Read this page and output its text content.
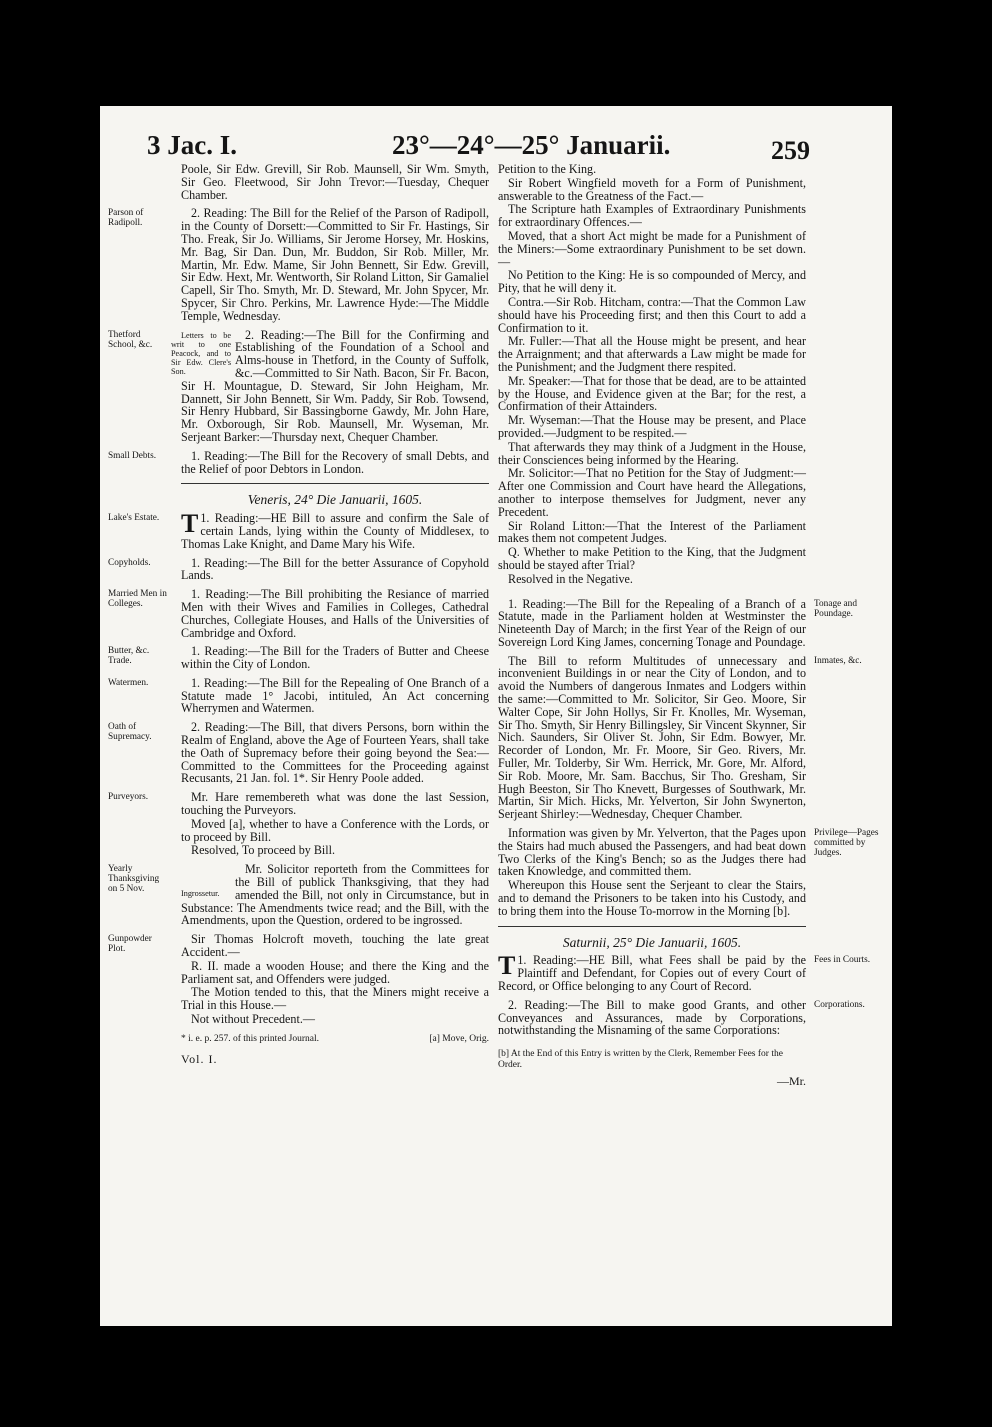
3 Jac. I.	23°—24°—25° Januarii.	259

Poole, Sir Edw. Grevill, Sir Rob. Maunsell, Sir Wm. Smyth, Sir Geo. Fleetwood, Sir John Trevor:—Tuesday, Chequer Chamber.

Parson of Radipoll.

2. Reading: The Bill for the Relief of the Parson of Radipoll, in the County of Dorsett:—Committed to Sir Fr. Hastings, Sir Tho. Freak, Sir Jo. Williams, Sir Jerome Horsey, Mr. Hoskins, Mr. Bag, Sir Dan. Dun, Mr. Buddon, Sir Rob. Miller, Mr. Martin, Mr. Edw. Mame, Sir John Bennett, Sir Edw. Grevill, Sir Edw. Hext, Mr. Wentworth, Sir Roland Litton, Sir Gamaliel Capell, Sir Tho. Smyth, Mr. D. Steward, Mr. John Spycer, Mr. Spycer, Sir Chro. Perkins, Mr. Lawrence Hyde:—The Middle Temple, Wednesday.

Thetford School, &c.

Letters to be writ to one Peacock, and to Sir Edw. Clere's Son.
2. Reading:—The Bill for the Confirming and Establishing of the Foundation of a School and Alms-house in Thetford, in the County of Suffolk, &c.—Committed to Sir Nath. Bacon, Sir Fr. Bacon, Sir H. Mountague, D. Steward, Sir John Heigham, Mr. Dannett, Sir John Bennett, Sir Wm. Paddy, Sir Rob. Towsend, Sir Henry Hubbard, Sir Bassingborne Gawdy, Mr. John Hare, Mr. Oxborough, Sir Rob. Maunsell, Mr. Wyseman, Mr. Serjeant Barker:—Thursday next, Chequer Chamber.

Small Debts.	1. Reading:—The Bill for the Recovery of small Debts, and the Relief of poor Debtors in London.

Veneris, 24° Die Januarii, 1605.
Lake's Estate.	1. Reading:—
T	HE Bill to assure and confirm the Sale of certain Lands, lying within the County of Middlesex, to Thomas Lake Knight, and Dame Mary his Wife.

Copyholds.	1. Reading:—The Bill for the better Assurance of Copyhold Lands.

Married Men in Colleges.

1. Reading:—The Bill prohibiting the Resiance of married Men with their Wives and Families in Colleges, Cathedral Churches, Collegiate Houses, and Halls of the Universities of Cambridge and Oxford.

Butter, &c. Trade.

1. Reading:—The Bill for the Traders of Butter and Cheese within the City of London.

Watermen.	1. Reading:—The Bill for the Repealing of One Branch of a Statute made 1° Jacobi, intituled, An Act concerning Wherrymen and Watermen.

Oath of Supremacy.

2. Reading:—The Bill, that divers Persons, born within the Realm of England, above the Age of Fourteen Years, shall take the Oath of Supremacy before their going beyond the Sea:—Committed to the Committees for the Proceeding against Recusants, 21 Jan. fol. 1*. Sir Henry Poole added.

Purveyors.	Mr. Hare remembereth what was done the last Session, touching the Purveyors.

Moved [a], whether to have a Conference with the Lords, or to proceed by Bill.

Resolved, To proceed by Bill.

Yearly Thanksgiving on 5 Nov.	Ingrossetur.
Mr. Solicitor reporteth from the Committees for the Bill of publick Thanksgiving, that they had amended the Bill, not only in Circumstance, but in Substance: The Amendments twice read; and the Bill, with the Amendments, upon the Question, ordered to be ingrossed.

Gunpowder Plot.

Sir Thomas Holcroft moveth, touching the late great Accident.—

R. II. made a wooden House; and there the King and the Parliament sat, and Offenders were judged.

The Motion tended to this, that the Miners might receive a Trial in this House.—

Not without Precedent.—

* i. e. p. 257. of this printed Journal.	[a] Move, Orig.
Vol. I.

Petition to the King.

Sir Robert Wingfield moveth for a Form of Punishment, answerable to the Greatness of the Fact.—

The Scripture hath Examples of Extraordinary Punishments for extraordinary Offences.—

Moved, that a short Act might be made for a Punishment of the Miners:—Some extraordinary Punishment to be set down.—

No Petition to the King: He is so compounded of Mercy, and Pity, that he will deny it.

Contra.—Sir Rob. Hitcham, contra:—That the Common Law should have his Proceeding first; and then this Court to add a Confirmation to it.

Mr. Fuller:—That all the House might be present, and hear the Arraignment; and that afterwards a Law might be made for the Punishment; and the Judgment there respited.

Mr. Speaker:—That for those that be dead, are to be attainted by the House, and Evidence given at the Bar; for the rest, a Confirmation of their Attainders.

Mr. Wyseman:—That the House may be present, and Place provided.—Judgment to be respited.—

That afterwards they may think of a Judgment in the House, their Consciences being informed by the Hearing.

Mr. Solicitor:—That no Petition for the Stay of Judgment:—After one Commission and Court have heard the Allegations, another to interpose themselves for Judgment, never any Precedent.

Sir Roland Litton:—That the Interest of the Parliament makes them not competent Judges.

Q. Whether to make Petition to the King, that the Judgment should be stayed after Trial?

Resolved in the Negative.

Tonage and Poundage.

1. Reading:—The Bill for the Repealing of a Branch of a Statute, made in the Parliament holden at Westminster the Nineteenth Day of March; in the first Year of the Reign of our Sovereign Lord King James, concerning Tonage and Poundage.

Inmates, &c.

The Bill to reform Multitudes of unnecessary and inconvenient Buildings in or near the City of London, and to avoid the Numbers of dangerous Inmates and Lodgers within the same:—Committed to Mr. Solicitor, Sir Geo. Moore, Sir Walter Cope, Sir John Hollys, Sir Fr. Knolles, Mr. Wyseman, Sir Tho. Smyth, Sir Henry Billingsley, Sir Vincent Skynner, Sir Nich. Saunders, Sir Oliver St. John, Sir Edm. Bowyer, Mr. Recorder of London, Mr. Fr. Moore, Sir Geo. Rivers, Mr. Fuller, Mr. Tolderby, Sir Wm. Herrick, Mr. Gore, Mr. Alford, Sir Rob. Moore, Mr. Sam. Bacchus, Sir Tho. Gresham, Sir Hugh Beeston, Sir Tho Knevett, Burgesses of Southwark, Mr. Martin, Sir Mich. Hicks, Mr. Yelverton, Sir John Swynerton, Serjeant Shirley:—Wednesday, Chequer Chamber.

Privilege—Pages committed by Judges.

Information was given by Mr. Yelverton, that the Pages upon the Stairs had much abused the Passengers, and had beat down Two Clerks of the King's Bench; so as the Judges there had taken Knowledge, and committed them.

Whereupon this House sent the Serjeant to clear the Stairs, and to demand the Prisoners to be taken into his Custody, and to bring them into the House To-morrow in the Morning [b].

Saturnii, 25° Die Januarii, 1605.
Fees in Courts.

1. Reading:—
T	HE Bill, what Fees shall be paid by the Plaintiff and Defendant, for Copies out of every Court of Record, or Office belonging to any Court of Record.

Corporations.

2. Reading:—The Bill to make good Grants, and other Conveyances and Assurances, made by Corporations, notwithstanding the Misnaming of the same Corporations:

[b] At the End of this Entry is written by the Clerk, Remember Fees for the Order.
—Mr.
